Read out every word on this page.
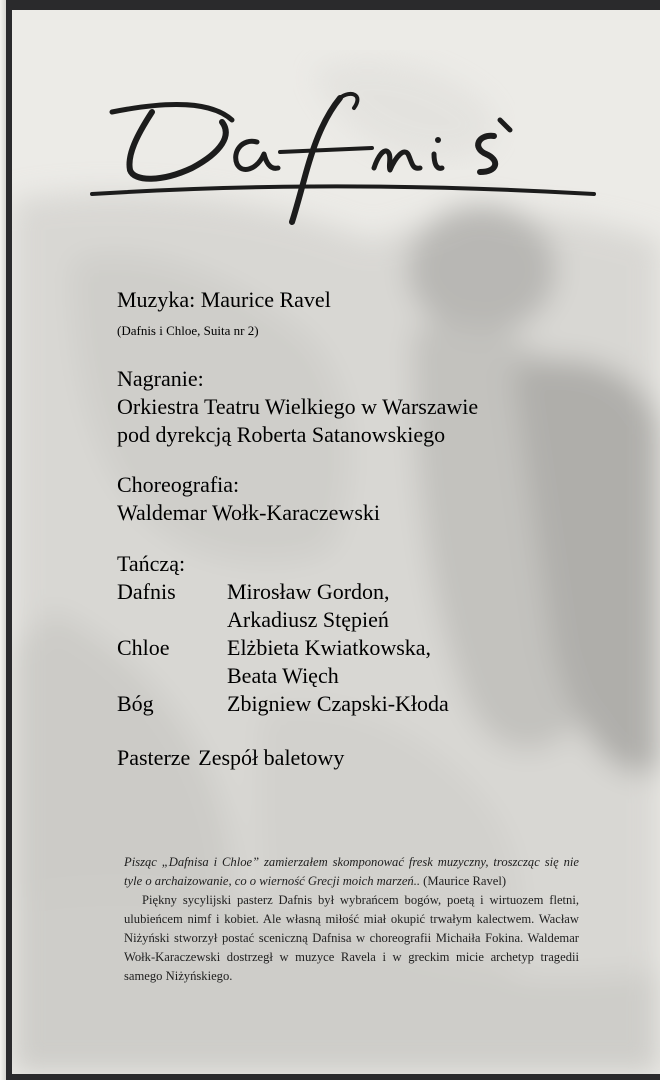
Muzyka: Maurice Ravel

(Dafnis i Chloe, Suita nr 2)

Nagranie:

Orkiestra Teatru Wielkiego w Warszawie

pod dyrekcją Roberta Satanowskiego

Choreografia:

Waldemar Wołk-Karaczewski

Tańczą:

Dafnis	Mirosław Gordon,
Arkadiusz Stępień
Chloe	Elżbieta Kwiatkowska,
Beata Więch
Bóg	Zbigniew Czapski-Kłoda
Pasterze Zespół baletowy

Pisząc „Dafnisa i Chloe” zamierzałem skomponować fresk muzyczny, troszcząc się nie tyle o archaizowanie, co o wierność Grecji moich marzeń.. (Maurice Ravel)

Piękny sycylijski pasterz Dafnis był wybrańcem bogów, poetą i wirtuozem fletni, ulubieńcem nimf i kobiet. Ale własną miłość miał okupić trwałym kalectwem. Wacław Niżyński stworzył postać sceniczną Dafnisa w choreografii Michaiła Fokina. Waldemar Wołk-Karaczewski dostrzegł w muzyce Ravela i w greckim micie archetyp tragedii samego Niżyńskiego.
